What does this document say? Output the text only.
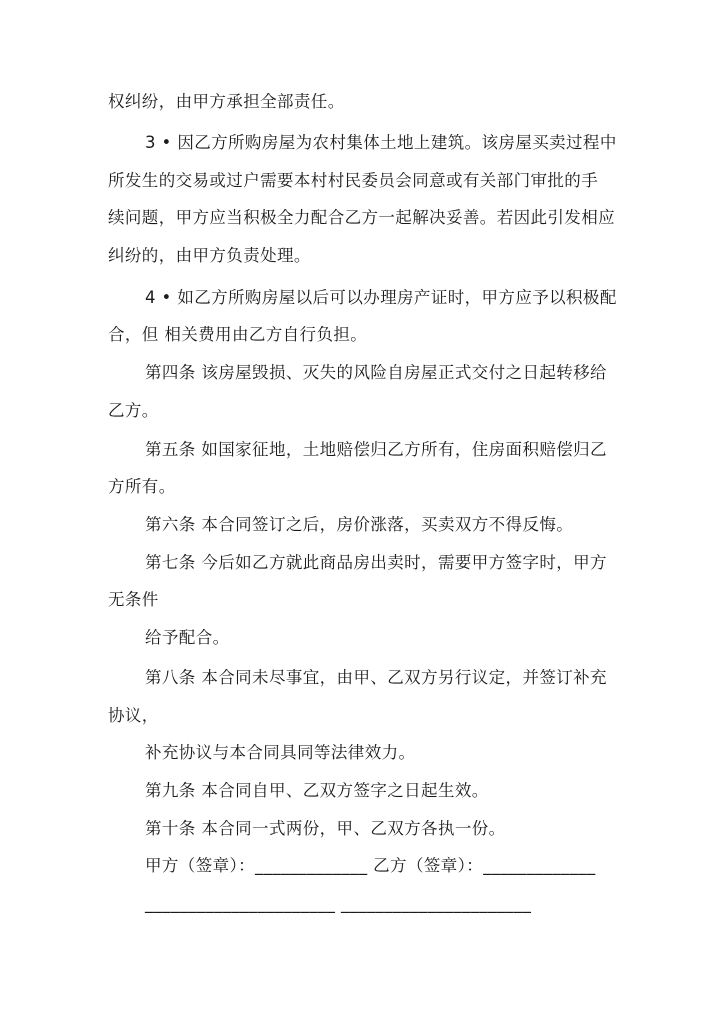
权纠纷，由甲方承担全部责任。
3 • 因乙方所购房屋为农村集体土地上建筑。该房屋买卖过程中
所发生的交易或过户需要本村村民委员会同意或有关部门审批的手
续问题，甲方应当积极全力配合乙方一起解决妥善。若因此引发相应
纠纷的，由甲方负责处理。
4 • 如乙方所购房屋以后可以办理房产证时，甲方应予以积极配
合，但 相关费用由乙方自行负担。
第四条 该房屋毁损、灭失的风险自房屋正式交付之日起转移给
乙方。
第五条 如国家征地，土地赔偿归乙方所有，住房面积赔偿归乙
方所有。
第六条 本合同签订之后，房价涨落，买卖双方不得反悔。
第七条 今后如乙方就此商品房出卖时，需要甲方签字时，甲方
无条件
给予配合。
第八条 本合同未尽事宜，由甲、乙双方另行议定，并签订补充
协议，
补充协议与本合同具同等法律效力。
第九条 本合同自甲、乙双方签字之日起生效。
第十条 本合同一式两份，甲、乙双方各执一份。
甲方（签章）：_____________ 乙方（签章）：_____________
______________________ ______________________
